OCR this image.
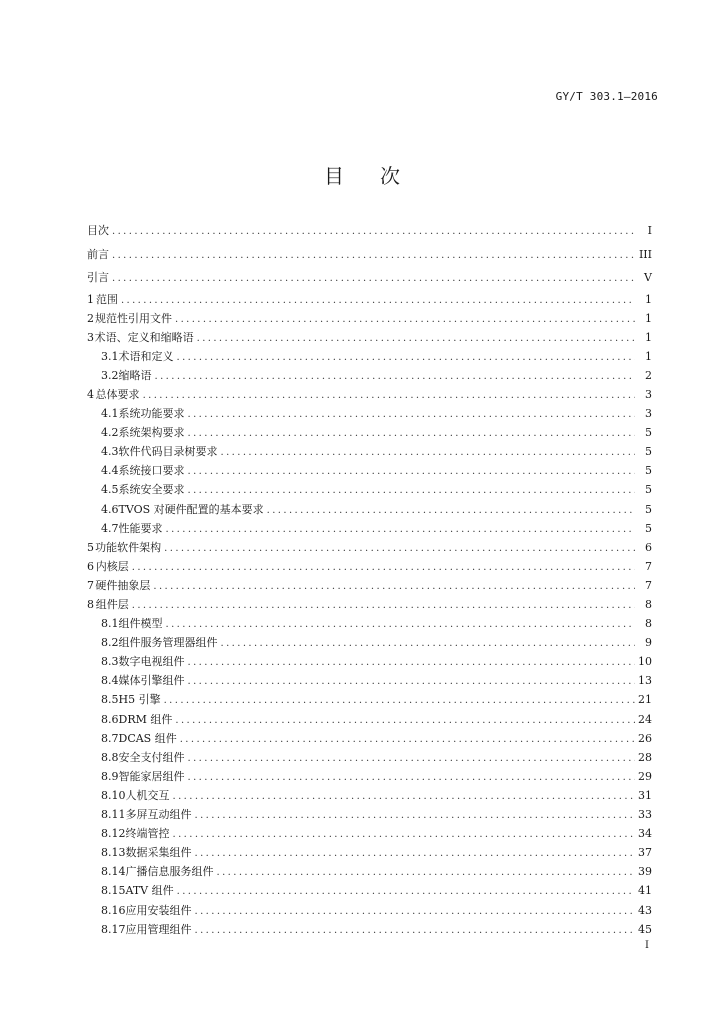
GY/T 303.1—2016
目 次
目次 .....	I
前言 .....	III
引言 .....	V
1 范围 .....	1
2 规范性引用文件 .....	1
3 术语、定义和缩略语 .....	1
3.1 术语和定义 .....	1
3.2 缩略语 .....	2
4 总体要求 .....	3
4.1 系统功能要求 .....	3
4.2 系统架构要求 .....	5
4.3 软件代码目录树要求 .....	5
4.4 系统接口要求 .....	5
4.5 系统安全要求 .....	5
4.6 TVOS 对硬件配置的基本要求 .....	5
4.7 性能要求 .....	5
5 功能软件架构 .....	6
6 内核层 .....	7
7 硬件抽象层 .....	7
8 组件层 .....	8
8.1 组件模型 .....	8
8.2 组件服务管理器组件 .....	9
8.3 数字电视组件 .....	10
8.4 媒体引擎组件 .....	13
8.5 H5 引擎 .....	21
8.6 DRM 组件 .....	24
8.7 DCAS 组件 .....	26
8.8 安全支付组件 .....	28
8.9 智能家居组件 .....	29
8.10 人机交互 .....	31
8.11 多屏互动组件 .....	33
8.12 终端管控 .....	34
8.13 数据采集组件 .....	37
8.14 广播信息服务组件 .....	39
8.15 ATV 组件 .....	41
8.16 应用安装组件 .....	43
8.17 应用管理组件 .....	45
I
